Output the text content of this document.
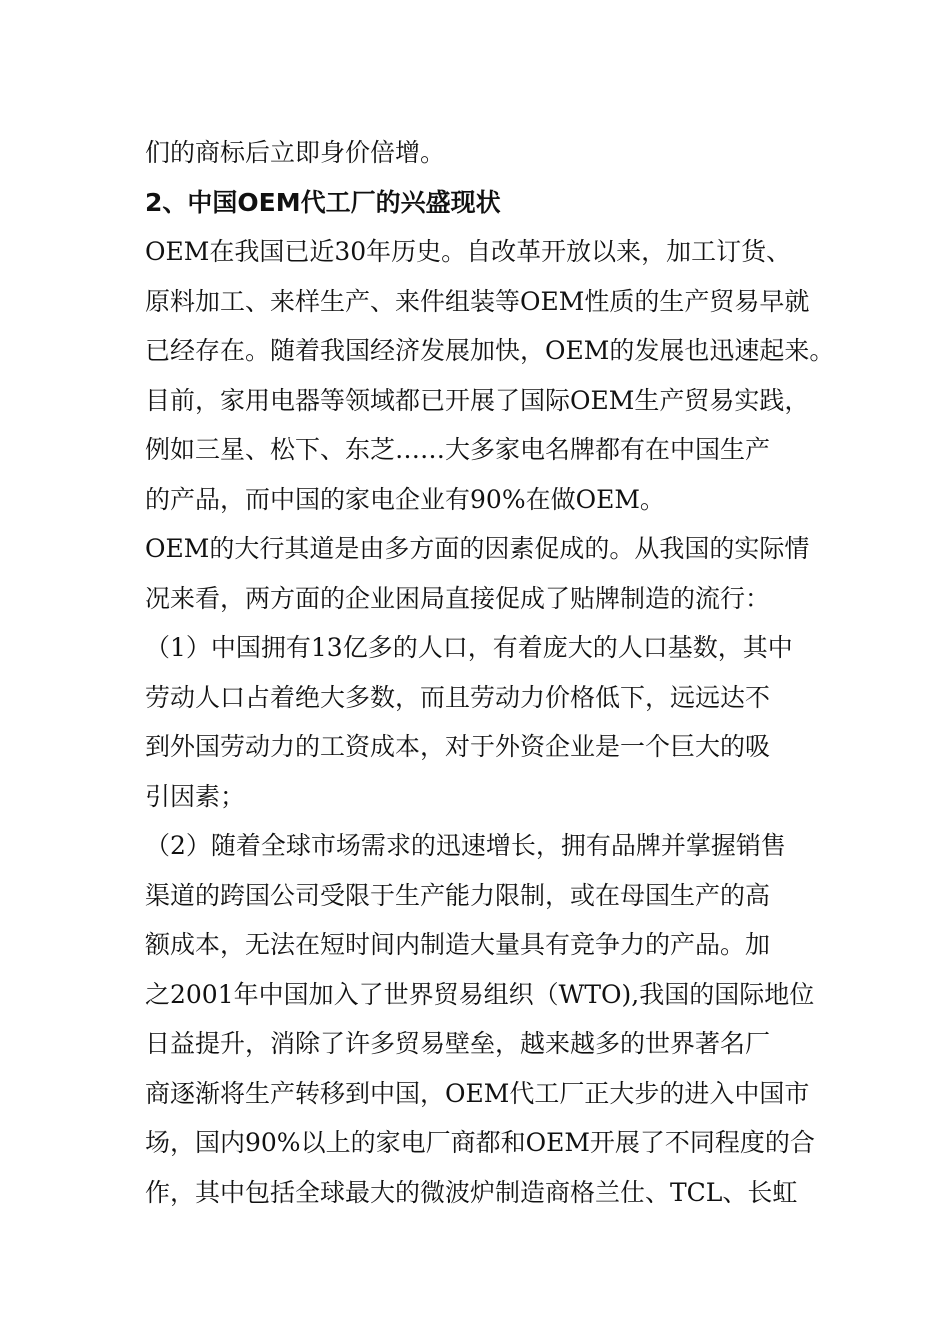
们的商标后立即身价倍增。
2、中国OEM代工厂的兴盛现状
OEM在我国已近30年历史。自改革开放以来，加工订货、
原料加工、来样生产、来件组装等OEM性质的生产贸易早就
已经存在。随着我国经济发展加快，OEM的发展也迅速起来。
目前，家用电器等领域都已开展了国际OEM生产贸易实践，
例如三星、松下、东芝……大多家电名牌都有在中国生产
的产品，而中国的家电企业有90%在做OEM。
OEM的大行其道是由多方面的因素促成的。从我国的实际情
况来看，两方面的企业困局直接促成了贴牌制造的流行：
（1）中国拥有13亿多的人口，有着庞大的人口基数，其中
劳动人口占着绝大多数，而且劳动力价格低下，远远达不
到外国劳动力的工资成本，对于外资企业是一个巨大的吸
引因素；
（2）随着全球市场需求的迅速增长，拥有品牌并掌握销售
渠道的跨国公司受限于生产能力限制，或在母国生产的高
额成本，无法在短时间内制造大量具有竞争力的产品。加
之2001年中国加入了世界贸易组织（WTO),我国的国际地位
日益提升，消除了许多贸易壁垒，越来越多的世界著名厂
商逐渐将生产转移到中国，OEM代工厂正大步的进入中国市
场，国内90%以上的家电厂商都和OEM开展了不同程度的合
作，其中包括全球最大的微波炉制造商格兰仕、TCL、长虹
